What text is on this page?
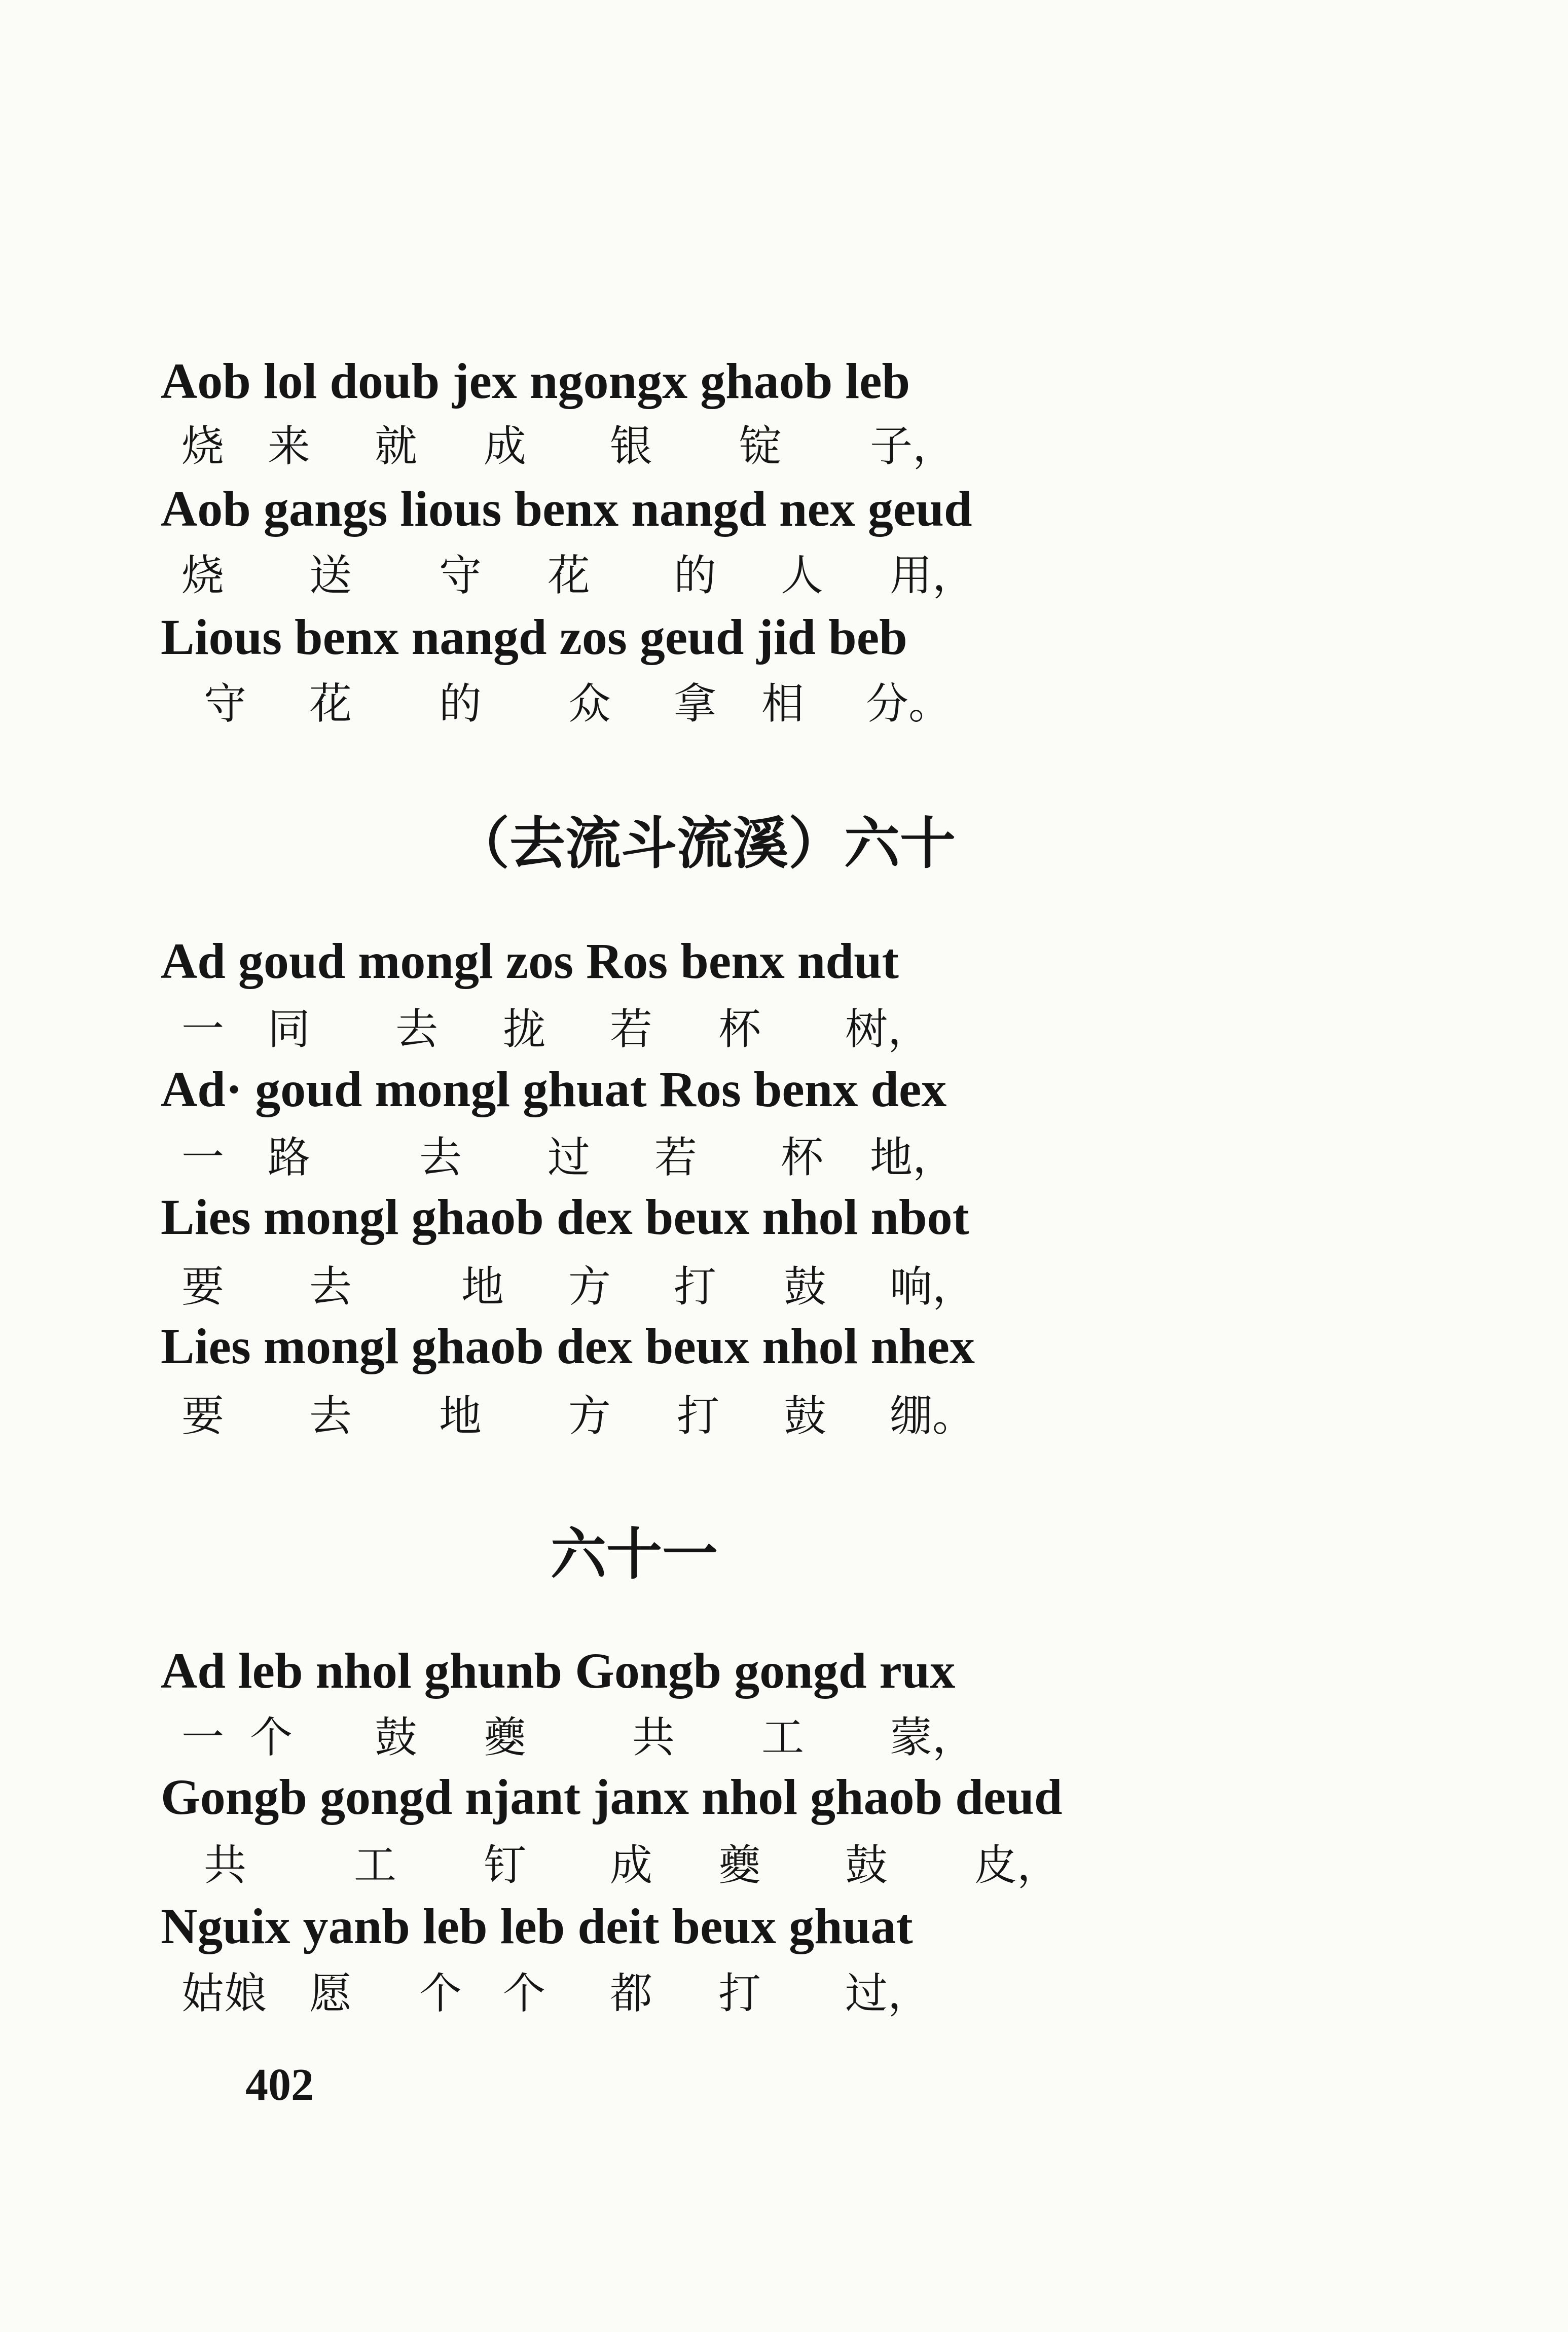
Aob lol doub jex ngongx ghaob leb
烧 来 就 成 银 锭 子，
Aob gangs lious benx nangd nex geud
烧 送 守 花 的 人 用，
Lious benx nangd zos geud jid beb
守 花 的 众 拿 相 分。
（去流斗流溪）六十
Ad goud mongl zos Ros benx ndut
一 同 去 拢 若 杯 树，
Ad· goud mongl ghuat Ros benx dex
一 路	去 过 若 杯 地，
Lies mongl ghaob dex beux nhol nbot
要 去	地 方 打 鼓 响，
Lies mongl ghaob dex beux nhol nhex
要 去 地 方 打 鼓 绷。
六十一
Ad leb nhol ghunb Gongb gongd rux
一 个 鼓 夔 共 工 蒙，
Gongb gongd njant janx nhol ghaob deud
共	工 钉 成 夔 鼓 皮，
Nguix yanb leb leb deit beux ghuat
姑娘 愿 个 个 都 打 过，
402
